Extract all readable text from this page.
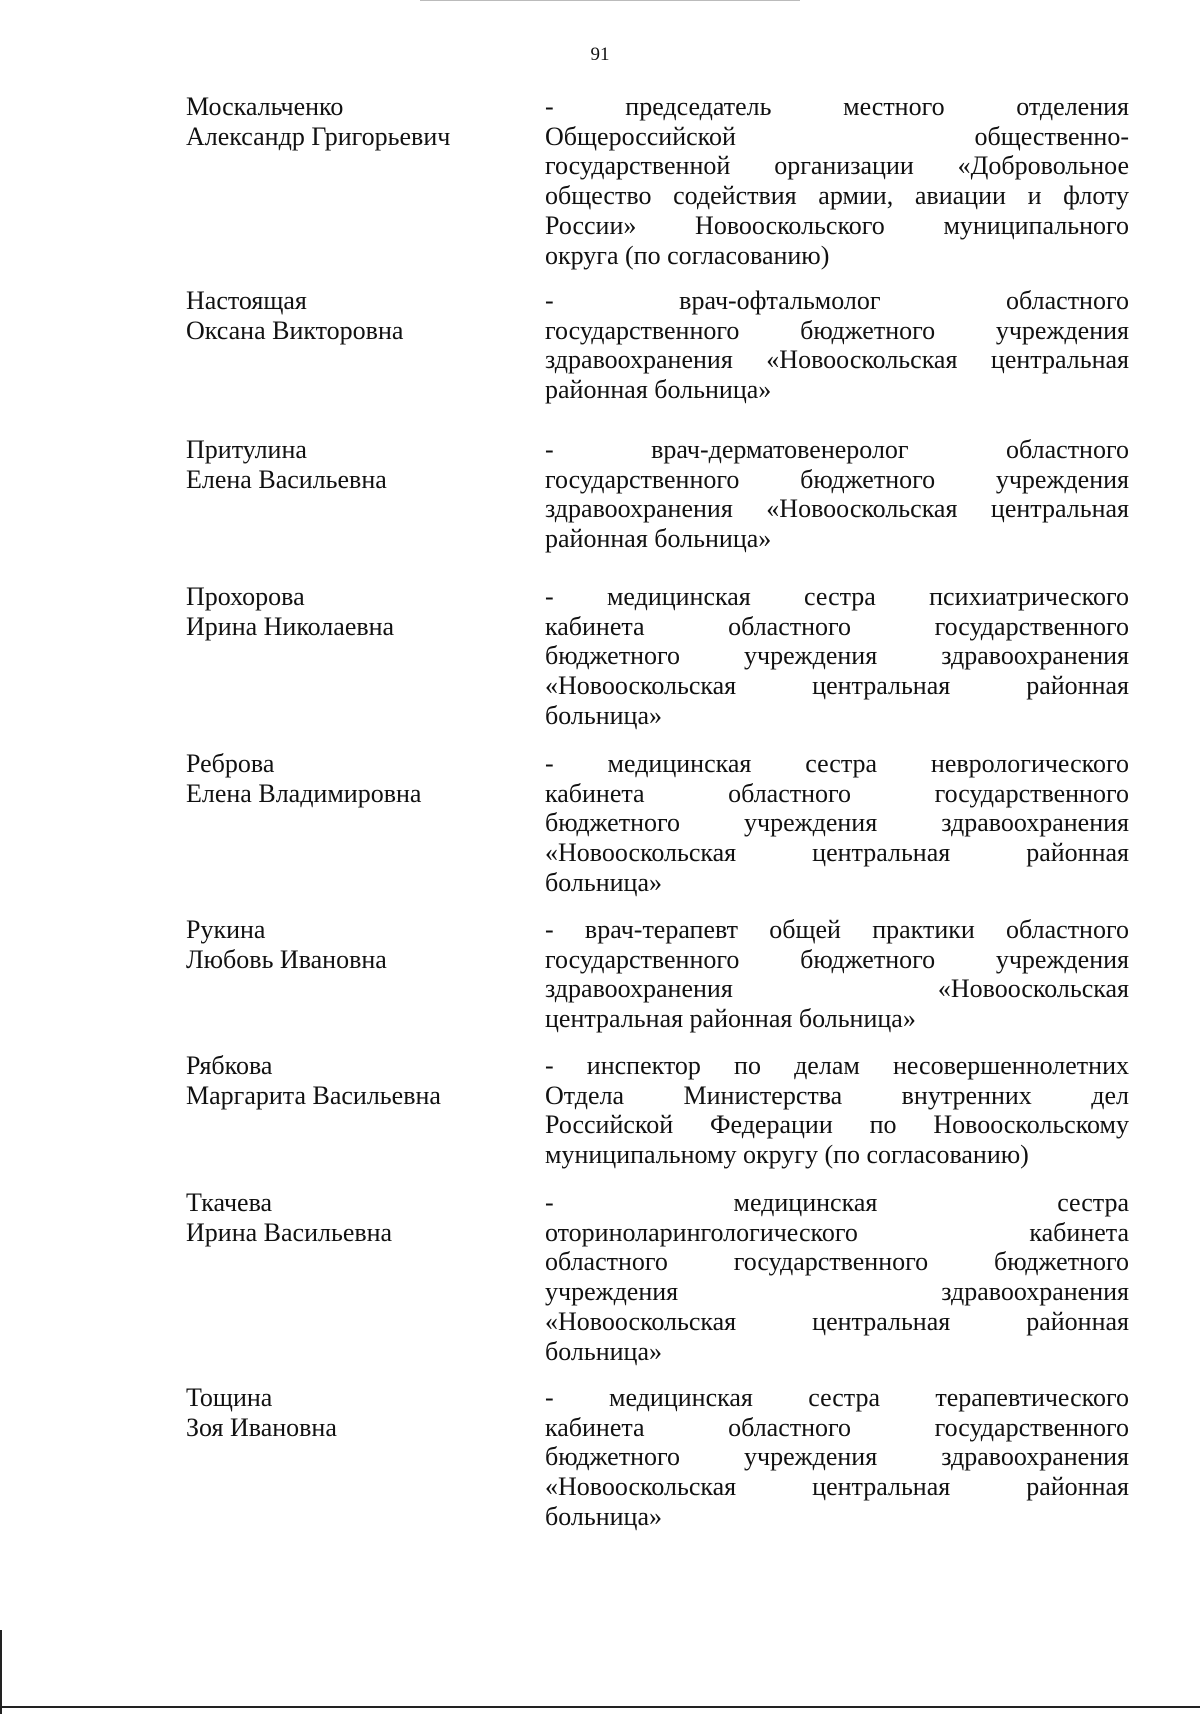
91
Москальченко
Александр Григорьевич
- председатель местного отделения
Общероссийской общественно-
государственной организации «Добровольное
общество содействия армии, авиации и флоту
России» Новооскольского муниципального
округа (по согласованию)
Настоящая
Оксана Викторовна
- врач-офтальмолог областного
государственного бюджетного учреждения
здравоохранения «Новооскольская центральная
районная больница»
Притулина
Елена Васильевна
- врач-дерматовенеролог областного
государственного бюджетного учреждения
здравоохранения «Новооскольская центральная
районная больница»
Прохорова
Ирина Николаевна
- медицинская сестра психиатрического
кабинета областного государственного
бюджетного учреждения здравоохранения
«Новооскольская центральная районная
больница»
Реброва
Елена Владимировна
- медицинская сестра неврологического
кабинета областного государственного
бюджетного учреждения здравоохранения
«Новооскольская центральная районная
больница»
Рукина
Любовь Ивановна
- врач-терапевт общей практики областного
государственного бюджетного учреждения
здравоохранения «Новооскольская
центральная районная больница»
Рябкова
Маргарита Васильевна
- инспектор по делам несовершеннолетних
Отдела Министерства внутренних дел
Российской Федерации по Новооскольскому
муниципальному округу (по согласованию)
Ткачева
Ирина Васильевна
- медицинская сестра
оториноларингологического кабинета
областного государственного бюджетного
учреждения здравоохранения
«Новооскольская центральная районная
больница»
Тощина
Зоя Ивановна
- медицинская сестра терапевтического
кабинета областного государственного
бюджетного учреждения здравоохранения
«Новооскольская центральная районная
больница»
